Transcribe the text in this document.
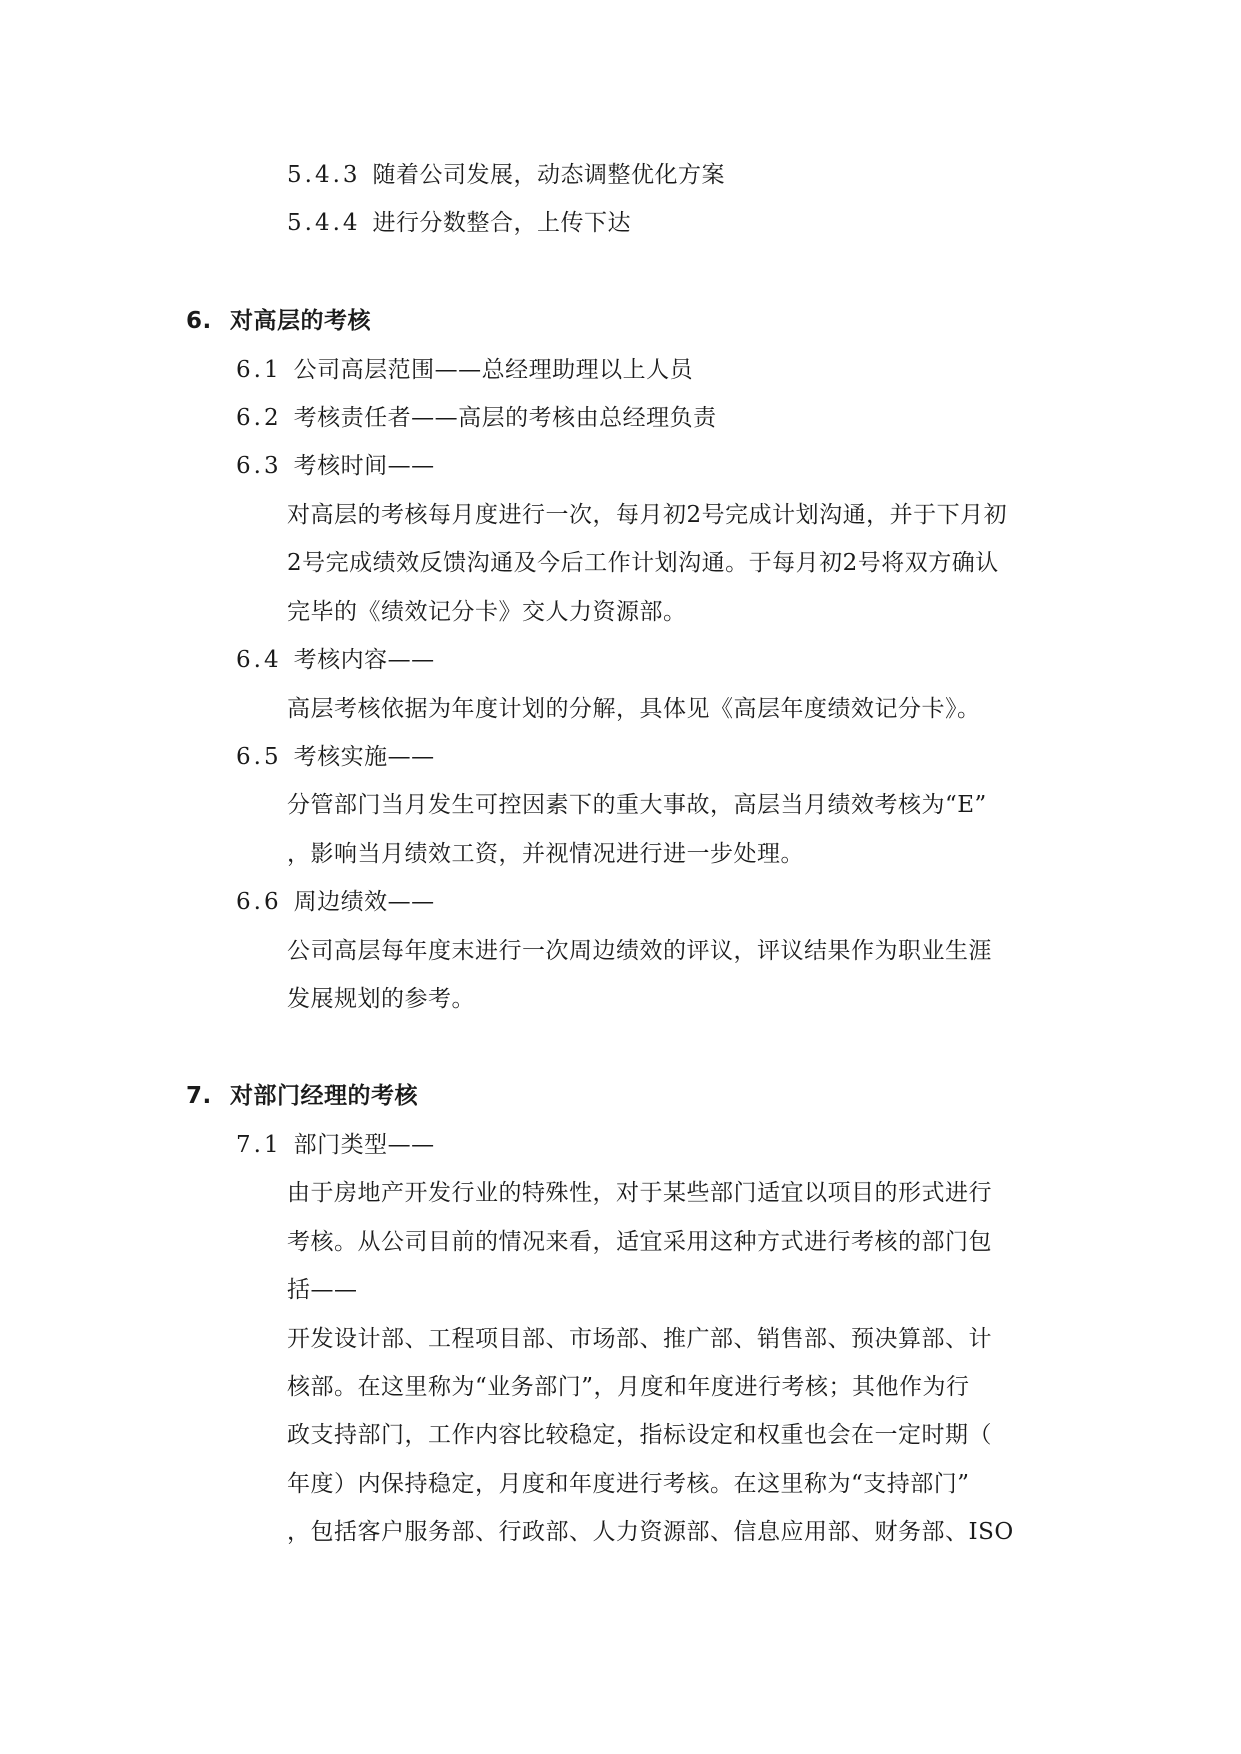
5.4.3 随着公司发展，动态调整优化方案
5.4.4 进行分数整合，上传下达
6. 对高层的考核
6.1 公司高层范围——总经理助理以上人员
6.2 考核责任者——高层的考核由总经理负责
6.3 考核时间——
对高层的考核每月度进行一次，每月初2号完成计划沟通，并于下月初
2号完成绩效反馈沟通及今后工作计划沟通。于每月初2号将双方确认
完毕的《绩效记分卡》交人力资源部。
6.4 考核内容——
高层考核依据为年度计划的分解，具体见《高层年度绩效记分卡》。
6.5 考核实施——
分管部门当月发生可控因素下的重大事故，高层当月绩效考核为“E”
，影响当月绩效工资，并视情况进行进一步处理。
6.6 周边绩效——
公司高层每年度末进行一次周边绩效的评议，评议结果作为职业生涯
发展规划的参考。
7. 对部门经理的考核
7.1 部门类型——
由于房地产开发行业的特殊性，对于某些部门适宜以项目的形式进行
考核。从公司目前的情况来看，适宜采用这种方式进行考核的部门包
括——
开发设计部、工程项目部、市场部、推广部、销售部、预决算部、计
核部。在这里称为“业务部门”，月度和年度进行考核；其他作为行
政支持部门，工作内容比较稳定，指标设定和权重也会在一定时期（
年度）内保持稳定，月度和年度进行考核。在这里称为“支持部门”
，包括客户服务部、行政部、人力资源部、信息应用部、财务部、ISO
